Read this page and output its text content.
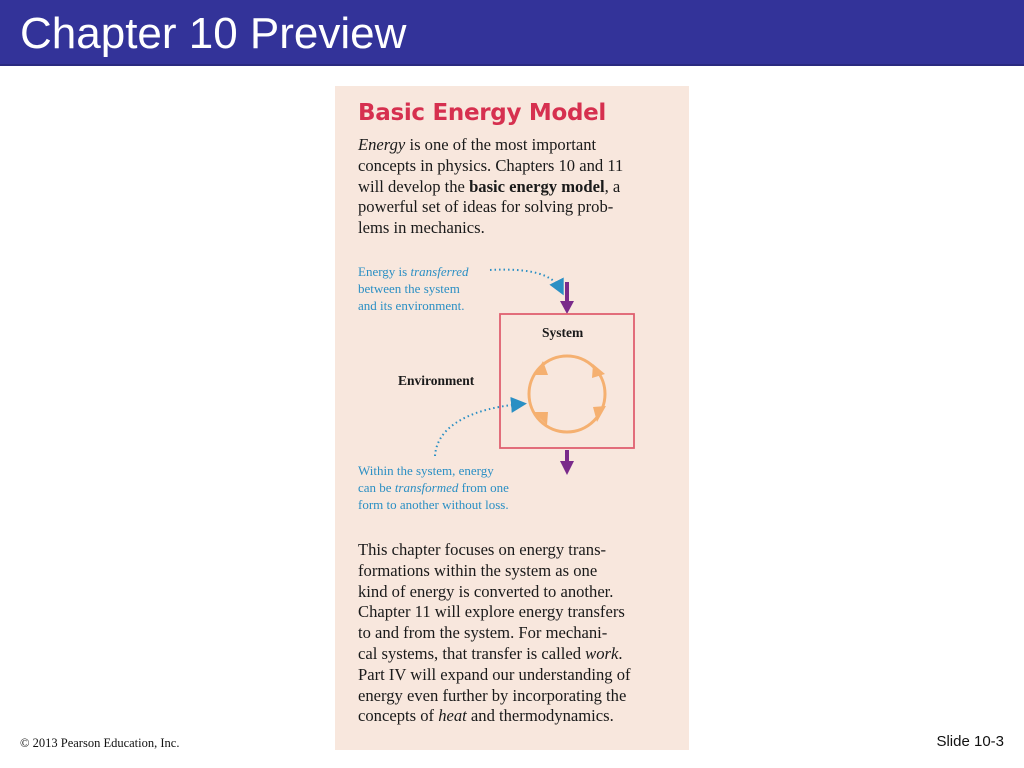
Chapter 10 Preview
Basic Energy Model
Energy is one of the most important
concepts in physics. Chapters 10 and 11
will develop the basic energy model, a
powerful set of ideas for solving prob-
lems in mechanics.
Energy is transferred
between the system
and its environment.
System
Environment
Within the system, energy
can be transformed from one
form to another without loss.
This chapter focuses on energy trans-
formations within the system as one
kind of energy is converted to another.
Chapter 11 will explore energy transfers
to and from the system. For mechani-
cal systems, that transfer is called work.
Part IV will expand our understanding of
energy even further by incorporating the
concepts of heat and thermodynamics.
© 2013 Pearson Education, Inc.	Slide 10-3
